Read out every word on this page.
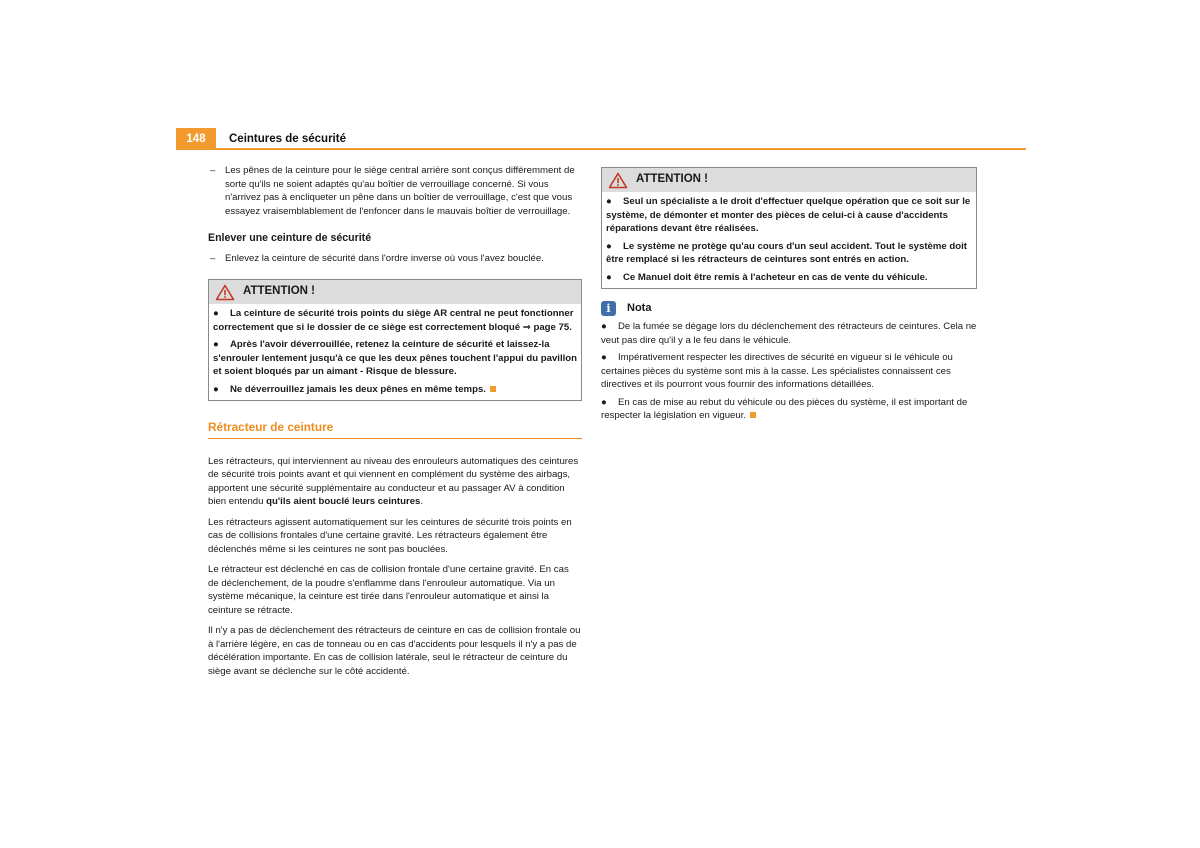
148	Ceintures de sécurité

– Les pênes de la ceinture pour le siège central arrière sont conçus différemment de sorte qu'ils ne soient adaptés qu'au boîtier de verrouillage concerné. Si vous n'arrivez pas à encliqueter un pêne dans un boîtier de verrouillage, c'est que vous essayez vraisemblablement de l'enfoncer dans le mauvais boîtier de verrouillage.

Enlever une ceinture de sécurité

– Enlevez la ceinture de sécurité dans l'ordre inverse où vous l'avez bouclée.

ATTENTION !

● La ceinture de sécurité trois points du siège AR central ne peut fonctionner correctement que si le dossier de ce siège est correctement bloqué ⇒ page 75.

● Après l'avoir déverrouillée, retenez la ceinture de sécurité et laissez-la s'enrouler lentement jusqu'à ce que les deux pênes touchent l'appui du pavillon et soient bloqués par un aimant - Risque de blessure.

● Ne déverrouillez jamais les deux pênes en même temps.

Rétracteur de ceinture

Les rétracteurs, qui interviennent au niveau des enrouleurs automatiques des ceintures de sécurité trois points avant et qui viennent en complément du système des airbags, apportent une sécurité supplémentaire au conducteur et au passager AV à condition bien entendu qu'ils aient bouclé leurs ceintures.

Les rétracteurs agissent automatiquement sur les ceintures de sécurité trois points en cas de collisions frontales d'une certaine gravité. Les rétracteurs également être déclenchés même si les ceintures ne sont pas bouclées.

Le rétracteur est déclenché en cas de collision frontale d'une certaine gravité. En cas de déclenchement, de la poudre s'enflamme dans l'enrouleur automatique. Via un système mécanique, la ceinture est tirée dans l'enrouleur automatique et ainsi la ceinture se rétracte.

Il n'y a pas de déclenchement des rétracteurs de ceinture en cas de collision frontale ou à l'arrière légère, en cas de tonneau ou en cas d'accidents pour lesquels il n'y a pas de décélération importante. En cas de collision latérale, seul le rétracteur de ceinture du siège avant se déclenche sur le côté accidenté.

ATTENTION !

● Seul un spécialiste a le droit d'effectuer quelque opération que ce soit sur le système, de démonter et monter des pièces de celui-ci à cause d'accidents réparations devant être réalisées.

● Le système ne protège qu'au cours d'un seul accident. Tout le système doit être remplacé si les rétracteurs de ceintures sont entrés en action.

● Ce Manuel doit être remis à l'acheteur en cas de vente du véhicule.

i	Nota

● De la fumée se dégage lors du déclenchement des rétracteurs de ceintures. Cela ne veut pas dire qu'il y a le feu dans le véhicule.

● Impérativement respecter les directives de sécurité en vigueur si le véhicule ou certaines pièces du système sont mis à la casse. Les spécialistes connaissent ces directives et ils pourront vous fournir des informations détaillées.

● En cas de mise au rebut du véhicule ou des pièces du système, il est important de respecter la législation en vigueur.
